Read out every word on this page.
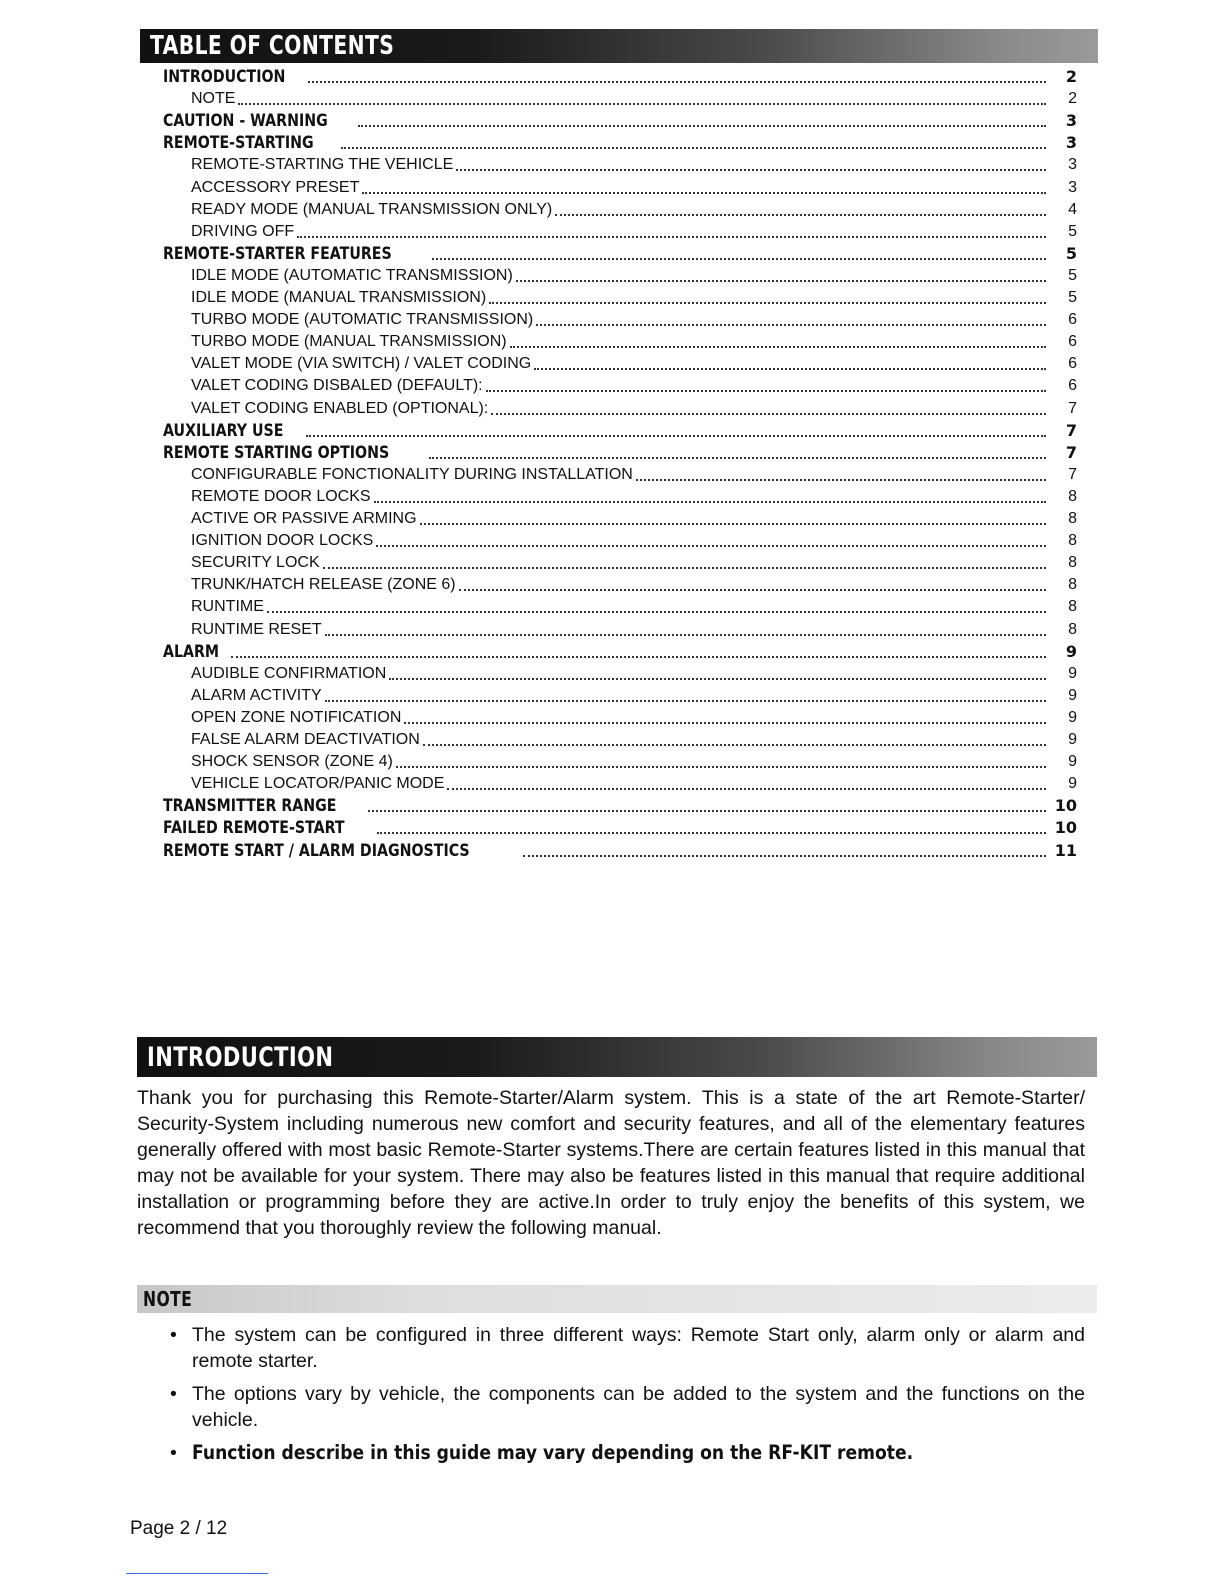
TABLE OF CONTENTS
INTRODUCTION	2
NOTE	2
CAUTION - WARNING	3
REMOTE-STARTING	3
REMOTE-STARTING THE VEHICLE	3
ACCESSORY PRESET	3
READY MODE (MANUAL TRANSMISSION ONLY)	4
DRIVING OFF	5
REMOTE-STARTER FEATURES	5
IDLE MODE (AUTOMATIC TRANSMISSION)	5
IDLE MODE (MANUAL TRANSMISSION)	5
TURBO MODE (AUTOMATIC TRANSMISSION)	6
TURBO MODE (MANUAL TRANSMISSION)	6
VALET MODE (VIA SWITCH) / VALET CODING	6
VALET CODING DISBALED (DEFAULT):	6
VALET CODING ENABLED (OPTIONAL):	7
AUXILIARY USE	7
REMOTE STARTING OPTIONS	7
CONFIGURABLE FONCTIONALITY DURING INSTALLATION	7
REMOTE DOOR LOCKS	8
ACTIVE OR PASSIVE ARMING	8
IGNITION DOOR LOCKS	8
SECURITY LOCK	8
TRUNK/HATCH RELEASE (ZONE 6)	8
RUNTIME	8
RUNTIME RESET	8
ALARM	9
AUDIBLE CONFIRMATION	9
ALARM ACTIVITY	9
OPEN ZONE NOTIFICATION	9
FALSE ALARM DEACTIVATION	9
SHOCK SENSOR (ZONE 4)	9
VEHICLE LOCATOR/PANIC MODE	9
TRANSMITTER RANGE	10
FAILED REMOTE-START	10
REMOTE START / ALARM DIAGNOSTICS	11
INTRODUCTION
Thank you for purchasing this Remote-Starter/Alarm system. This is a state of the art Remote-Starter/ Security-System including numerous new comfort and security features, and all of the elementary features generally offered with most basic Remote-Starter systems.There are certain features listed in this manual that may not be available for your system. There may also be features listed in this manual that require additional installation or programming before they are active.In order to truly enjoy the benefits of this system, we recommend that you thoroughly review the following manual.
NOTE
• The system can be configured in three different ways: Remote Start only, alarm only or alarm and remote starter.
• The options vary by vehicle, the components can be added to the system and the functions on the vehicle.
• Function describe in this guide may vary depending on the RF-KIT remote.
Page 2 / 12
